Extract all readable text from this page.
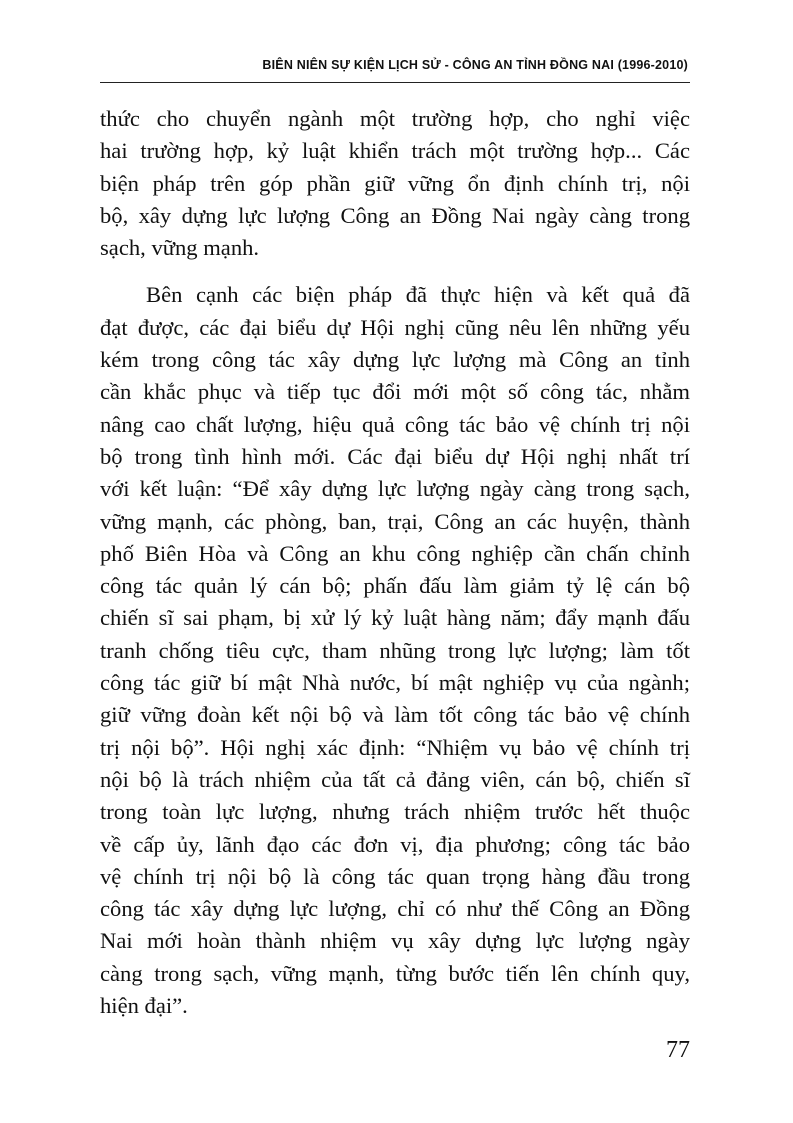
BIÊN NIÊN SỰ KIỆN LỊCH SỬ - CÔNG AN TỈNH ĐỒNG NAI (1996-2010)
thức cho chuyển ngành một trường hợp, cho nghỉ việc
hai trường hợp, kỷ luật khiển trách một trường hợp... Các
biện pháp trên góp phần giữ vững ổn định chính trị, nội
bộ, xây dựng lực lượng Công an Đồng Nai ngày càng trong
sạch, vững mạnh.
Bên cạnh các biện pháp đã thực hiện và kết quả đã
đạt được, các đại biểu dự Hội nghị cũng nêu lên những yếu
kém trong công tác xây dựng lực lượng mà Công an tỉnh
cần khắc phục và tiếp tục đổi mới một số công tác, nhằm
nâng cao chất lượng, hiệu quả công tác bảo vệ chính trị nội
bộ trong tình hình mới. Các đại biểu dự Hội nghị nhất trí
với kết luận: “Để xây dựng lực lượng ngày càng trong sạch,
vững mạnh, các phòng, ban, trại, Công an các huyện, thành
phố Biên Hòa và Công an khu công nghiệp cần chấn chỉnh
công tác quản lý cán bộ; phấn đấu làm giảm tỷ lệ cán bộ
chiến sĩ sai phạm, bị xử lý kỷ luật hàng năm; đẩy mạnh đấu
tranh chống tiêu cực, tham nhũng trong lực lượng; làm tốt
công tác giữ bí mật Nhà nước, bí mật nghiệp vụ của ngành;
giữ vững đoàn kết nội bộ và làm tốt công tác bảo vệ chính
trị nội bộ”. Hội nghị xác định: “Nhiệm vụ bảo vệ chính trị
nội bộ là trách nhiệm của tất cả đảng viên, cán bộ, chiến sĩ
trong toàn lực lượng, nhưng trách nhiệm trước hết thuộc
về cấp ủy, lãnh đạo các đơn vị, địa phương; công tác bảo
vệ chính trị nội bộ là công tác quan trọng hàng đầu trong
công tác xây dựng lực lượng, chỉ có như thế Công an Đồng
Nai mới hoàn thành nhiệm vụ xây dựng lực lượng ngày
càng trong sạch, vững mạnh, từng bước tiến lên chính quy,
hiện đại”.
77
